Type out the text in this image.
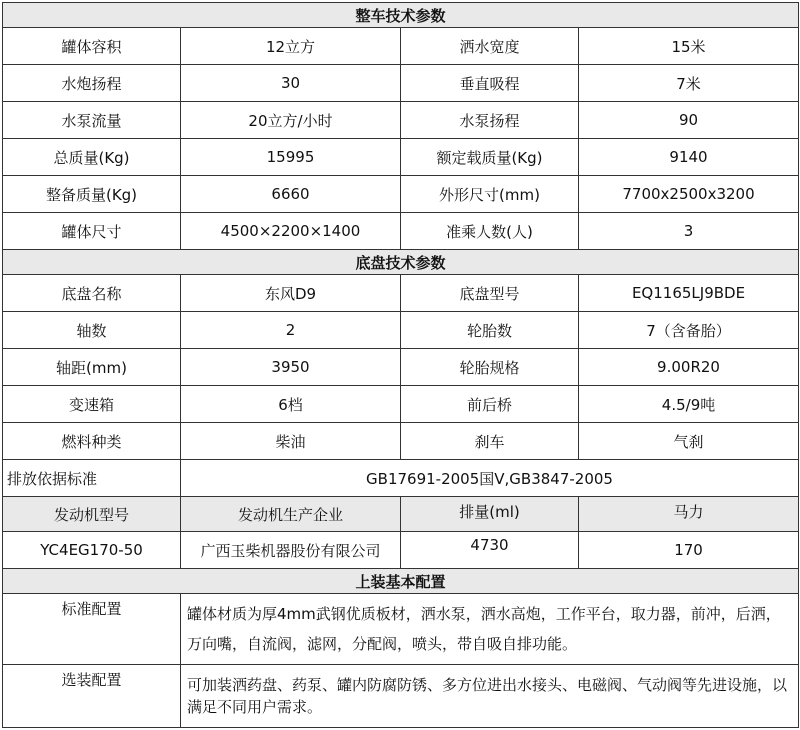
整车技术参数			
罐体容积	12立方	洒水宽度	15米
水炮扬程	30	垂直吸程	7米
水泵流量	20立方/小时	水泵扬程	90
总质量(Kg)	15995	额定载质量(Kg)	9140
整备质量(Kg)	6660	外形尺寸(mm)	7700x2500x3200
罐体尺寸	4500×2200×1400	准乘人数(人)	3
底盘技术参数			
底盘名称	东风D9	底盘型号	EQ1165LJ9BDE
轴数	2	轮胎数	7（含备胎）
轴距(mm)	3950	轮胎规格	9.00R20
变速箱	6档	前后桥	4.5/9吨
燃料种类	柴油	刹车	气刹
排放依据标准	GB17691-2005国Ⅴ,GB3847-2005		
发动机型号	发动机生产企业	排量(ml)	马力
YC4EG170-50	广西玉柴机器股份有限公司	4730	170
上装基本配置			
标准配置	罐体材质为厚4mm武钢优质板材，洒水泵，洒水高炮，工作平台，取力器，前冲，后洒，万向嘴，自流阀，滤网，分配阀，喷头，带自吸自排功能。		
选装配置	可加装洒药盘、药泵、罐内防腐防锈、多方位进出水接头、电磁阀、气动阀等先进设施，以满足不同用户需求。		
